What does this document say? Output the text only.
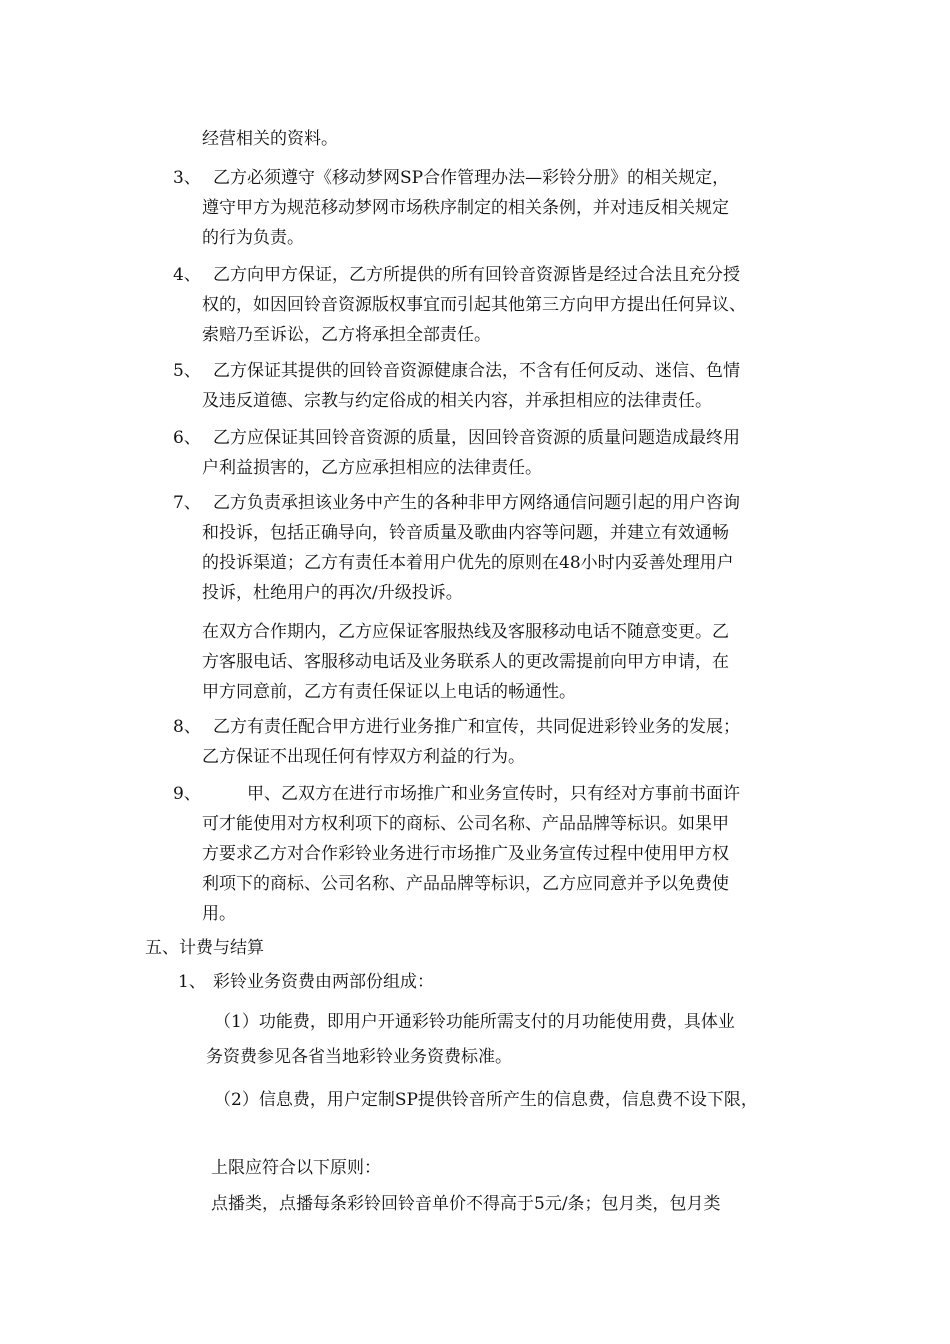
经营相关的资料。
3、 乙方必须遵守《移动梦网SP合作管理办法—彩铃分册》的相关规定，
遵守甲方为规范移动梦网市场秩序制定的相关条例，并对违反相关规定
的行为负责。
4、 乙方向甲方保证，乙方所提供的所有回铃音资源皆是经过合法且充分授
权的，如因回铃音资源版权事宜而引起其他第三方向甲方提出任何异议、
索赔乃至诉讼，乙方将承担全部责任。
5、 乙方保证其提供的回铃音资源健康合法，不含有任何反动、迷信、色情
及违反道德、宗教与约定俗成的相关内容，并承担相应的法律责任。
6、 乙方应保证其回铃音资源的质量，因回铃音资源的质量问题造成最终用
户利益损害的，乙方应承担相应的法律责任。
7、 乙方负责承担该业务中产生的各种非甲方网络通信问题引起的用户咨询
和投诉，包括正确导向，铃音质量及歌曲内容等问题，并建立有效通畅
的投诉渠道；乙方有责任本着用户优先的原则在48小时内妥善处理用户
投诉，杜绝用户的再次/升级投诉。
在双方合作期内，乙方应保证客服热线及客服移动电话不随意变更。乙
方客服电话、客服移动电话及业务联系人的更改需提前向甲方申请，在
甲方同意前，乙方有责任保证以上电话的畅通性。
8、 乙方有责任配合甲方进行业务推广和宣传，共同促进彩铃业务的发展；
乙方保证不出现任何有悖双方利益的行为。
9、	甲、乙双方在进行市场推广和业务宣传时，只有经对方事前书面许
可才能使用对方权利项下的商标、公司名称、产品品牌等标识。如果甲
方要求乙方对合作彩铃业务进行市场推广及业务宣传过程中使用甲方权
利项下的商标、公司名称、产品品牌等标识，乙方应同意并予以免费使
用。
五、计费与结算
1、 彩铃业务资费由两部份组成：
（1）功能费，即用户开通彩铃功能所需支付的月功能使用费，具体业
务资费参见各省当地彩铃业务资费标准。
（2）信息费，用户定制SP提供铃音所产生的信息费，信息费不设下限，
上限应符合以下原则：
点播类，点播每条彩铃回铃音单价不得高于5元/条；包月类，包月类
